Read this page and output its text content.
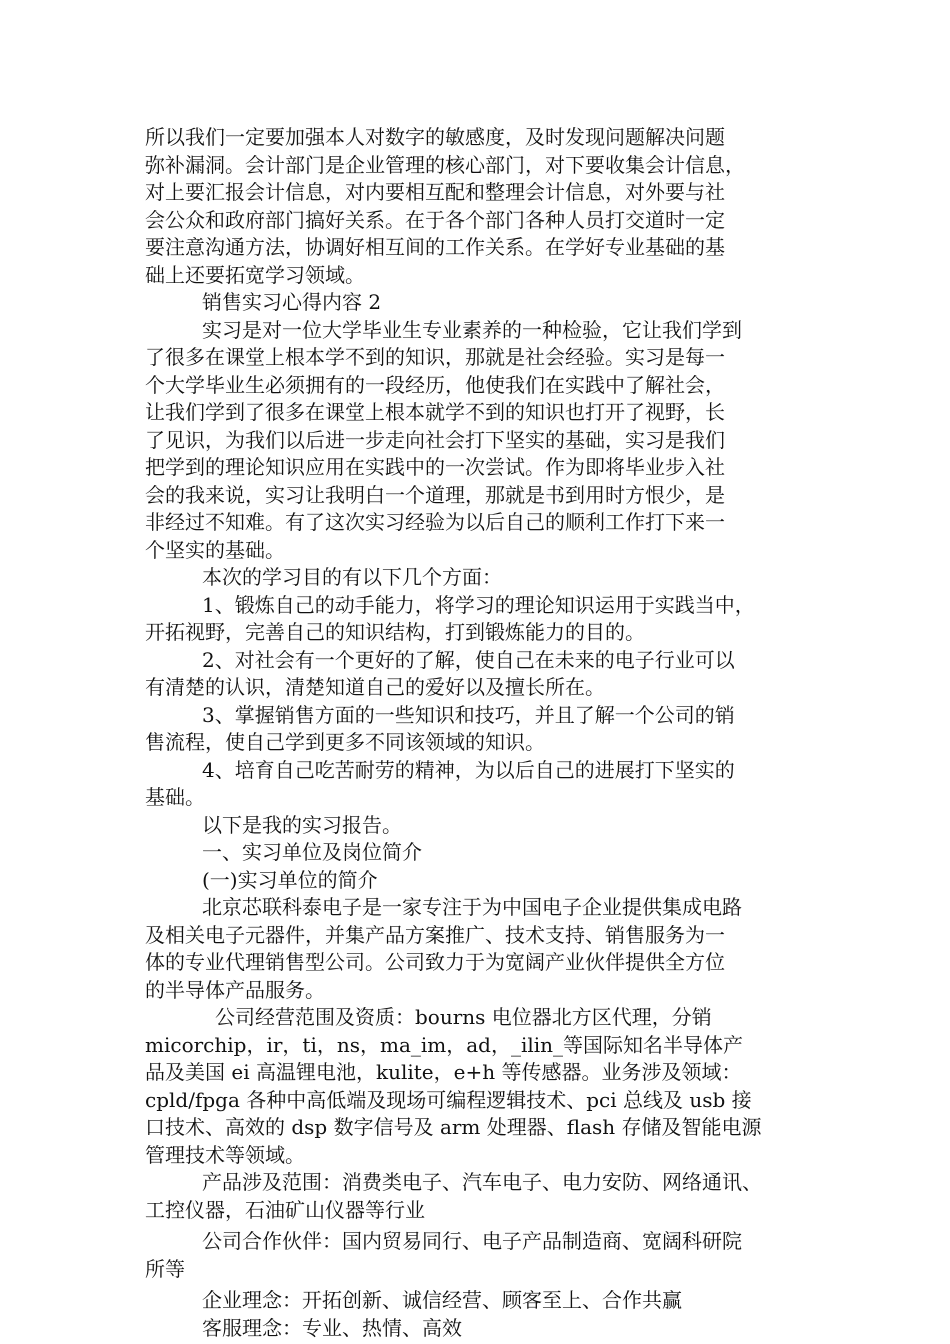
所以我们一定要加强本人对数字的敏感度，及时发现问题解决问题
弥补漏洞。会计部门是企业管理的核心部门，对下要收集会计信息，
对上要汇报会计信息，对内要相互配和整理会计信息，对外要与社
会公众和政府部门搞好关系。在于各个部门各种人员打交道时一定
要注意沟通方法，协调好相互间的工作关系。在学好专业基础的基
础上还要拓宽学习领域。
销售实习心得内容 2
实习是对一位大学毕业生专业素养的一种检验，它让我们学到
了很多在课堂上根本学不到的知识，那就是社会经验。实习是每一
个大学毕业生必须拥有的一段经历，他使我们在实践中了解社会，
让我们学到了很多在课堂上根本就学不到的知识也打开了视野，长
了见识，为我们以后进一步走向社会打下坚实的基础，实习是我们
把学到的理论知识应用在实践中的一次尝试。作为即将毕业步入社
会的我来说，实习让我明白一个道理，那就是书到用时方恨少，是
非经过不知难。有了这次实习经验为以后自己的顺利工作打下来一
个坚实的基础。
本次的学习目的有以下几个方面：
1、锻炼自己的动手能力，将学习的理论知识运用于实践当中，
开拓视野，完善自己的知识结构，打到锻炼能力的目的。
2、对社会有一个更好的了解，使自己在未来的电子行业可以
有清楚的认识，清楚知道自己的爱好以及擅长所在。
3、掌握销售方面的一些知识和技巧，并且了解一个公司的销
售流程，使自己学到更多不同该领域的知识。
4、培育自己吃苦耐劳的精神，为以后自己的进展打下坚实的
基础。
以下是我的实习报告。
一、实习单位及岗位简介
(一)实习单位的简介
北京芯联科泰电子是一家专注于为中国电子企业提供集成电路
及相关电子元器件，并集产品方案推广、技术支持、销售服务为一
体的专业代理销售型公司。公司致力于为宽阔产业伙伴提供全方位
的半导体产品服务。
公司经营范围及资质：bourns 电位器北方区代理，分销
micorchip，ir，ti，ns，ma_im，ad，_ilin_等国际知名半导体产
品及美国 ei 高温锂电池，kulite，e+h 等传感器。业务涉及领域：
cpld/fpga 各种中高低端及现场可编程逻辑技术、pci 总线及 usb 接
口技术、高效的 dsp 数字信号及 arm 处理器、flash 存储及智能电源
管理技术等领域。
产品涉及范围：消费类电子、汽车电子、电力安防、网络通讯、
工控仪器，石油矿山仪器等行业
公司合作伙伴：国内贸易同行、电子产品制造商、宽阔科研院
所等
企业理念：开拓创新、诚信经营、顾客至上、合作共赢
客服理念：专业、热情、高效
